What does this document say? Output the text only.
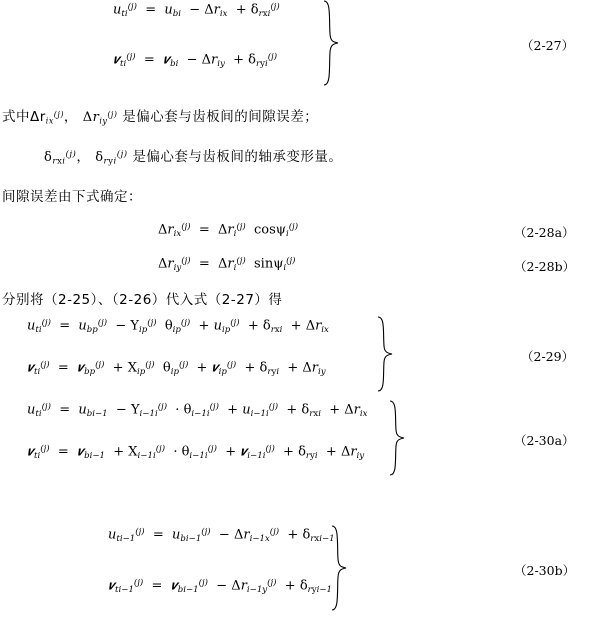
$u_{ti}^{(j)} = u_{bi} - \Delta r_{ix} + \delta_{rxi}^{(j)}$
𝒗$_{ti}^{(j)}$  =  𝒗$_{bi}$  − $\Delta r_{iy} + \delta_{ryi}^{(j)}$
（2-27）
式中$\Delta r_{ix}^{(j)}$， $\Delta r_{iy}^{(j)}$ 是偏心套与齿板间的间隙误差；
$\delta_{rxi}^{(j)}$， $\delta_{ryi}^{(j)}$ 是偏心套与齿板间的轴承变形量。
间隙误差由下式确定：
$\Delta r_{ix}^{(j)} = \Delta r_i^{(j)}$ cosψ$_i^{(j)}$	（2-28a）
$\Delta r_{iy}^{(j)} = \Delta r_i^{(j)}$ sinψ$_i^{(j)}$	（2-28b）
分别将（2-25）、（2-26）代入式（2-27）得
$u_{ti}^{(j)} = u_{bp}^{(j)} - Y_{ip}^{(j)}$ $\theta_{ip}^{(j)} + u_{ip}^{(j)} + \delta_{rxi} + \Delta r_{ix}$
𝒗$_{ti}^{(j)}$  =  𝒗$_{bp}^{(j)}$  + $X_{ip}^{(j)}$ $\theta_{ip}^{(j)}$  + 𝒗$_{ip}^{(j)}$  + $\delta_{ryi} + \Delta r_{iy}$
（2-29）
$u_{ti}^{(j)} = u_{bi-1} - Y_{i-1i}^{(j)} \cdot \theta_{i-1i}^{(j)} + u_{i-1i}^{(j)} + \delta_{rxi} + \Delta r_{ix}$
𝒗$_{ti}^{(j)}$  =  𝒗$_{bi-1}$  + $X_{i-1i}^{(j)} \cdot \theta_{i-1i}^{(j)}$  + 𝒗$_{i-1i}^{(j)}$  + $\delta_{ryi} + \Delta r_{iy}$
（2-30a）
$u_{ti-1}^{(j)} = u_{bi-1}^{(j)} - \Delta r_{i-1x}^{(j)} + \delta_{rxi-1}$
𝒗$_{ti-1}^{(j)}$  =  𝒗$_{bi-1}^{(j)}$  − $\Delta r_{i-1y}^{(j)} + \delta_{ryi-1}$
（2-30b）
